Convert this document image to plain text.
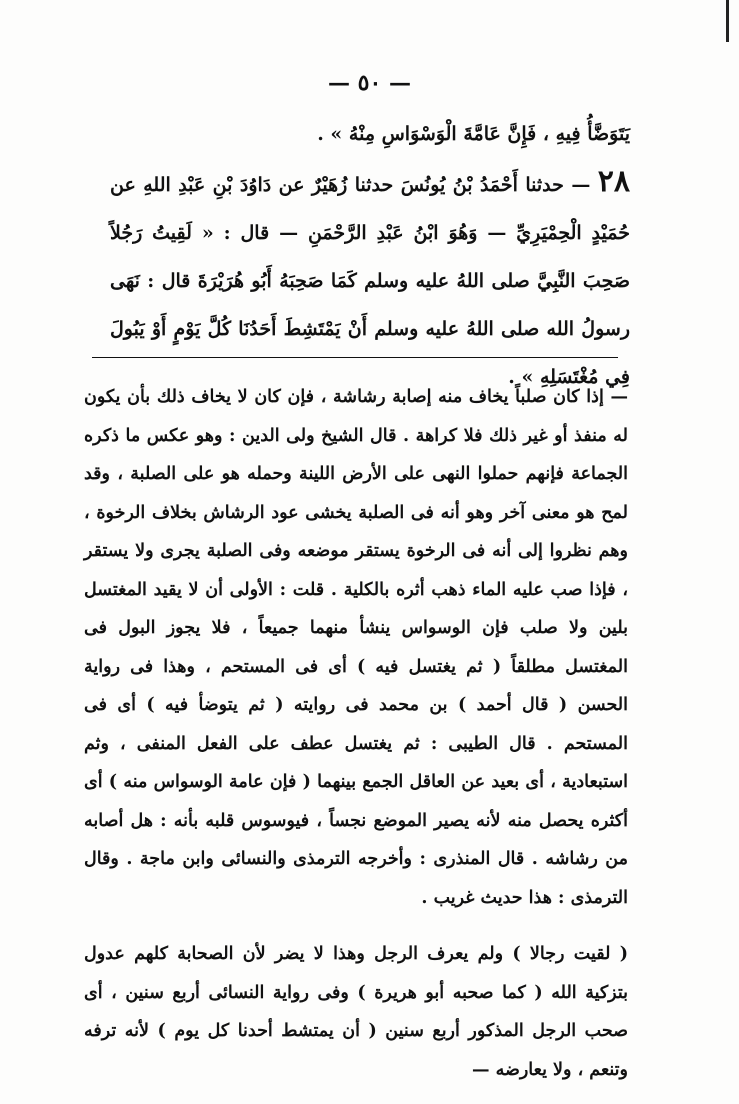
— ٥٠ —

يَتَوَضَّأُ فِيهِ ، فَإِنَّ عَامَّةَ الْوَسْوَاسِ مِنْهُ » .

٢٨ — حدثنا أَحْمَدُ بْنُ يُونُسَ حدثنا زُهَيْرٌ عن دَاوُدَ بْنِ عَبْدِ اللهِ عن حُمَيْدٍ الْحِمْيَرِيِّ — وَهُوَ ابْنُ عَبْدِ الرَّحْمَنِ — قال : « لَقِيتُ رَجُلاً صَحِبَ النَّبِيَّ صلى اللهُ عليه وسلم كَمَا صَحِبَهُ أَبُو هُرَيْرَةَ قال : نَهَى رسولُ الله صلى اللهُ عليه وسلم أَنْ يَمْتَشِطَ أَحَدُنَا كُلَّ يَوْمٍ أَوْ يَبُولَ فِي مُغْتَسَلِهِ » .

— إذا كان صلباً يخاف منه إصابة رشاشة ، فإن كان لا يخاف ذلك بأن يكون له منفذ أو غير ذلك فلا كراهة . قال الشيخ ولى الدين : وهو عكس ما ذكره الجماعة فإنهم حملوا النهى على الأرض اللينة وحمله هو على الصلبة ، وقد لمح هو معنى آخر وهو أنه فى الصلبة يخشى عود الرشاش بخلاف الرخوة ، وهم نظروا إلى أنه فى الرخوة يستقر موضعه وفى الصلبة يجرى ولا يستقر ، فإذا صب عليه الماء ذهب أثره بالكلية . قلت : الأولى أن لا يقيد المغتسل بلين ولا صلب فإن الوسواس ينشأ منهما جميعاً ، فلا يجوز البول فى المغتسل مطلقاً ( ثم يغتسل فيه ) أى فى المستحم ، وهذا فى رواية الحسن ( قال أحمد ) بن محمد فى روايته ( ثم يتوضأ فيه ) أى فى المستحم . قال الطيبى : ثم يغتسل عطف على الفعل المنفى ، وثم استبعادية ، أى بعيد عن العاقل الجمع بينهما ( فإن عامة الوسواس منه ) أى أكثره يحصل منه لأنه يصير الموضع نجساً ، فيوسوس قلبه بأنه : هل أصابه من رشاشه . قال المنذرى : وأخرجه الترمذى والنسائى وابن ماجة . وقال الترمذى : هذا حديث غريب .

( لقيت رجالا ) ولم يعرف الرجل وهذا لا يضر لأن الصحابة كلهم عدول بتزكية الله ( كما صحبه أبو هريرة ) وفى رواية النسائى أربع سنين ، أى صحب الرجل المذكور أربع سنين ( أن يمتشط أحدنا كل يوم ) لأنه ترفه وتنعم ، ولا يعارضه —
